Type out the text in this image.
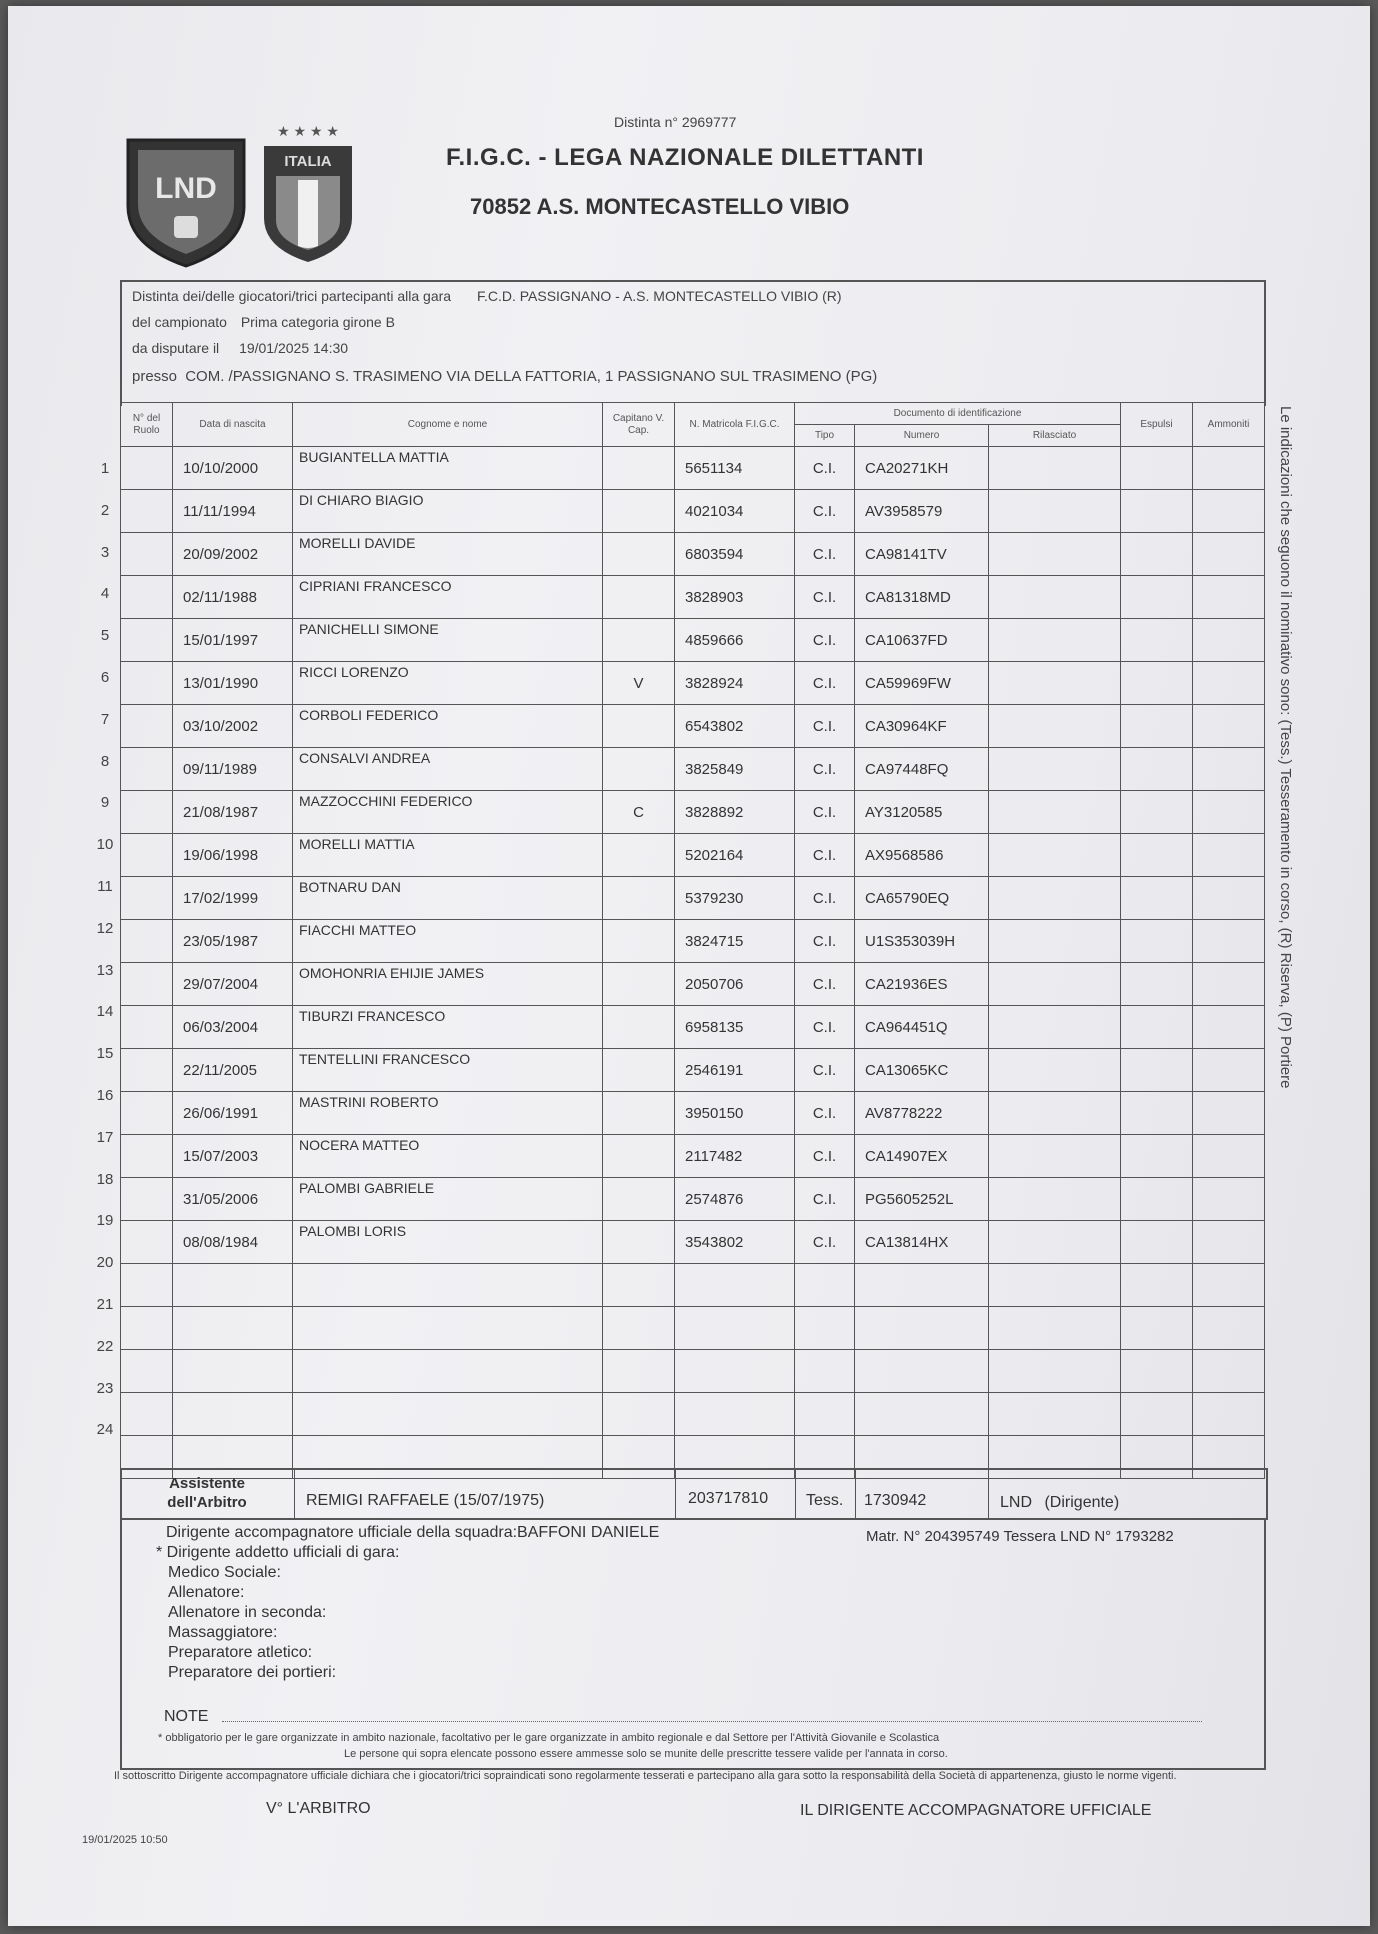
LND
★ ★ ★ ★
ITALIA
Distinta n° 2969777
F.I.G.C. - LEGA NAZIONALE DILETTANTI
70852 A.S. MONTECASTELLO VIBIO
Distinta dei/delle giocatori/trici partecipanti alla gara F.C.D. PASSIGNANO - A.S. MONTECASTELLO VIBIO (R)
del campionato Prima categoria girone B
da disputare il 19/01/2025 14:30
presso COM. /PASSIGNANO S. TRASIMENO VIA DELLA FATTORIA, 1 PASSIGNANO SUL TRASIMENO (PG)
N° del Ruolo	Data di nascita	Cognome e nome	Capitano V. Cap.	N. Matricola F.I.G.C.	Documento di identificazione			Espulsi	Ammoniti
					Tipo	Numero	Rilasciato		
	10/10/2000	BUGIANTELLA MATTIA		5651134	C.I.	CA20271KH			
	11/11/1994	DI CHIARO BIAGIO		4021034	C.I.	AV3958579			
	20/09/2002	MORELLI DAVIDE		6803594	C.I.	CA98141TV			
	02/11/1988	CIPRIANI FRANCESCO		3828903	C.I.	CA81318MD			
	15/01/1997	PANICHELLI SIMONE		4859666	C.I.	CA10637FD			
	13/01/1990	RICCI LORENZO	V	3828924	C.I.	CA59969FW			
	03/10/2002	CORBOLI FEDERICO		6543802	C.I.	CA30964KF			
	09/11/1989	CONSALVI ANDREA		3825849	C.I.	CA97448FQ			
	21/08/1987	MAZZOCCHINI FEDERICO	C	3828892	C.I.	AY3120585			
	19/06/1998	MORELLI MATTIA		5202164	C.I.	AX9568586			
	17/02/1999	BOTNARU DAN		5379230	C.I.	CA65790EQ			
	23/05/1987	FIACCHI MATTEO		3824715	C.I.	U1S353039H			
	29/07/2004	OMOHONRIA EHIJIE JAMES		2050706	C.I.	CA21936ES			
	06/03/2004	TIBURZI FRANCESCO		6958135	C.I.	CA964451Q			
	22/11/2005	TENTELLINI FRANCESCO		2546191	C.I.	CA13065KC			
	26/06/1991	MASTRINI ROBERTO		3950150	C.I.	AV8778222			
	15/07/2003	NOCERA MATTEO		2117482	C.I.	CA14907EX			
	31/05/2006	PALOMBI GABRIELE		2574876	C.I.	PG5605252L			
	08/08/1984	PALOMBI LORIS		3543802	C.I.	CA13814HX			

1
2
3
4
5
6
7
8
9
10
11
12
13
14
15
16
17
18
19
20
21
22
23
24
Assistente
dell'Arbitro	REMIGI RAFFAELE (15/07/1975)	203717810 Tess. 1730942	LND (Dirigente)
Dirigente accompagnatore ufficiale della squadra:BAFFONI DANIELE	Matr. N° 204395749 Tessera LND N° 1793282
* Dirigente addetto ufficiali di gara:
Medico Sociale:
Allenatore:
Allenatore in seconda:
Massaggiatore:
Preparatore atletico:
Preparatore dei portieri:
NOTE
* obbligatorio per le gare organizzate in ambito nazionale, facoltativo per le gare organizzate in ambito regionale e dal Settore per l'Attività Giovanile e Scolastica
Le persone qui sopra elencate possono essere ammesse solo se munite delle prescritte tessere valide per l'annata in corso.
Il sottoscritto Dirigente accompagnatore ufficiale dichiara che i giocatori/trici sopraindicati sono regolarmente tesserati e partecipano alla gara sotto la responsabilità della Società di appartenenza, giusto le norme vigenti.
V° L'ARBITRO	IL DIRIGENTE ACCOMPAGNATORE UFFICIALE
19/01/2025 10:50
Le indicazioni che seguono il nominativo sono: (Tess.) Tesseramento in corso, (R) Riserva, (P) Portiere
